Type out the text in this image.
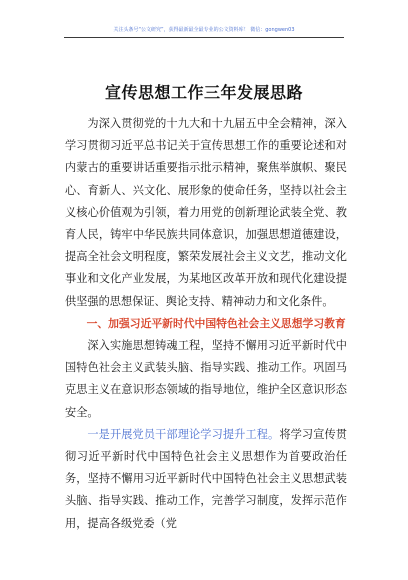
关注头条号“公文研究”，获得最新最全最专业的公文资料库！ 微信：gongwen03
宣传思想工作三年发展思路

为深入贯彻党的十九大和十九届五中全会精神，深入学习贯彻习近平总书记关于宣传思想工作的重要论述和对内蒙古的重要讲话重要指示批示精神，聚焦举旗帜、聚民心、育新人、兴文化、展形象的使命任务，坚持以社会主义核心价值观为引领，着力用党的创新理论武装全党、教育人民，铸牢中华民族共同体意识，加强思想道德建设，提高全社会文明程度，繁荣发展社会主义文艺，推动文化事业和文化产业发展，为某地区改革开放和现代化建设提供坚强的思想保证、舆论支持、精神动力和文化条件。

一、加强习近平新时代中国特色社会主义思想学习教育

深入实施思想铸魂工程，坚持不懈用习近平新时代中国特色社会主义武装头脑、指导实践、推动工作。巩固马克思主义在意识形态领域的指导地位，维护全区意识形态安全。

一是开展党员干部理论学习提升工程。将学习宣传贯彻习近平新时代中国特色社会主义思想作为首要政治任务，坚持不懈用习近平新时代中国特色社会主义思想武装头脑、指导实践、推动工作，完善学习制度，发挥示范作用，提高各级党委（党
